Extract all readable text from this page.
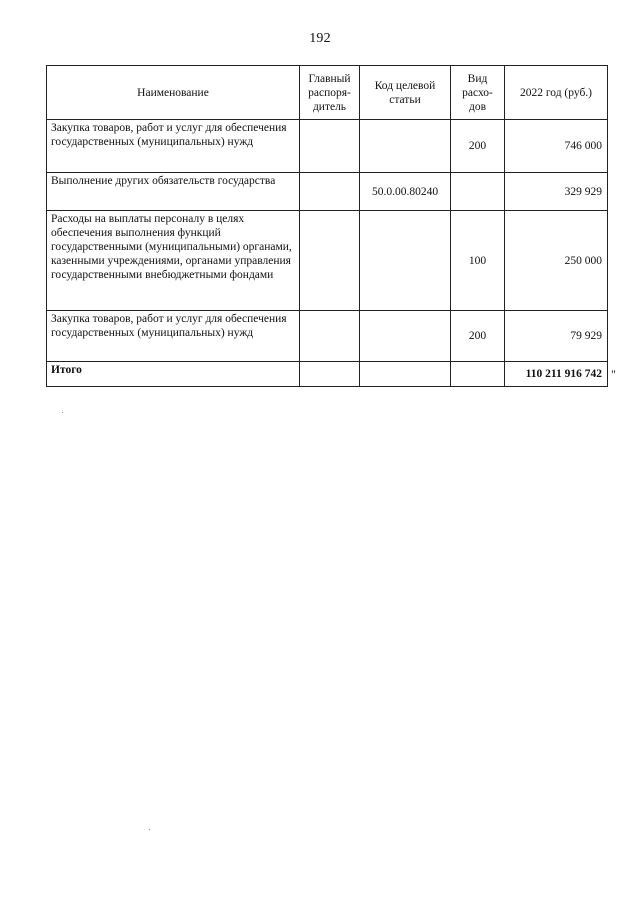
192
Наименование	Главный распоря-дитель	Код целевой статьи	Вид расхо-дов	2022 год (руб.)
Закупка товаров, работ и услуг для обеспечения государственных (муниципальных) нужд			200	746 000
Выполнение других обязательств государства		50.0.00.80240		329 929
Расходы на выплаты персоналу в целях обеспечения выполнения функций государственными (муниципальными) органами, казенными учреждениями, органами управления государственными внебюджетными фондами			100	250 000
Закупка товаров, работ и услуг для обеспечения государственных (муниципальных) нужд			200	79 929
Итого				110 211 916 742 "
